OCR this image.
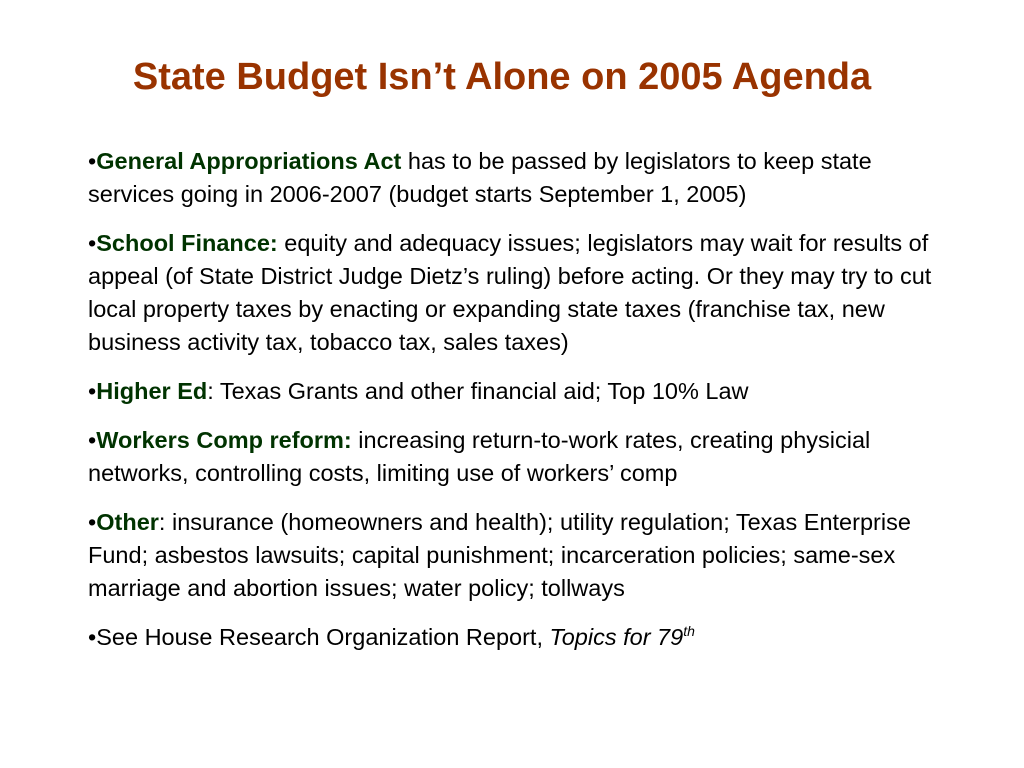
State Budget Isn’t Alone on 2005 Agenda
•General Appropriations Act has to be passed by legislators to keep state services going in 2006-2007 (budget starts September 1, 2005)
•School Finance: equity and adequacy issues; legislators may wait for results of appeal (of State District Judge Dietz’s ruling) before acting. Or they may try to cut local property taxes by enacting or expanding state taxes (franchise tax, new business activity tax, tobacco tax, sales taxes)
•Higher Ed: Texas Grants and other financial aid; Top 10% Law
•Workers Comp reform: increasing return-to-work rates, creating physicial networks, controlling costs, limiting use of workers’ comp
•Other: insurance (homeowners and health); utility regulation; Texas Enterprise Fund; asbestos lawsuits; capital punishment; incarceration policies; same-sex marriage and abortion issues; water policy; tollways
•See House Research Organization Report, Topics for 79th
